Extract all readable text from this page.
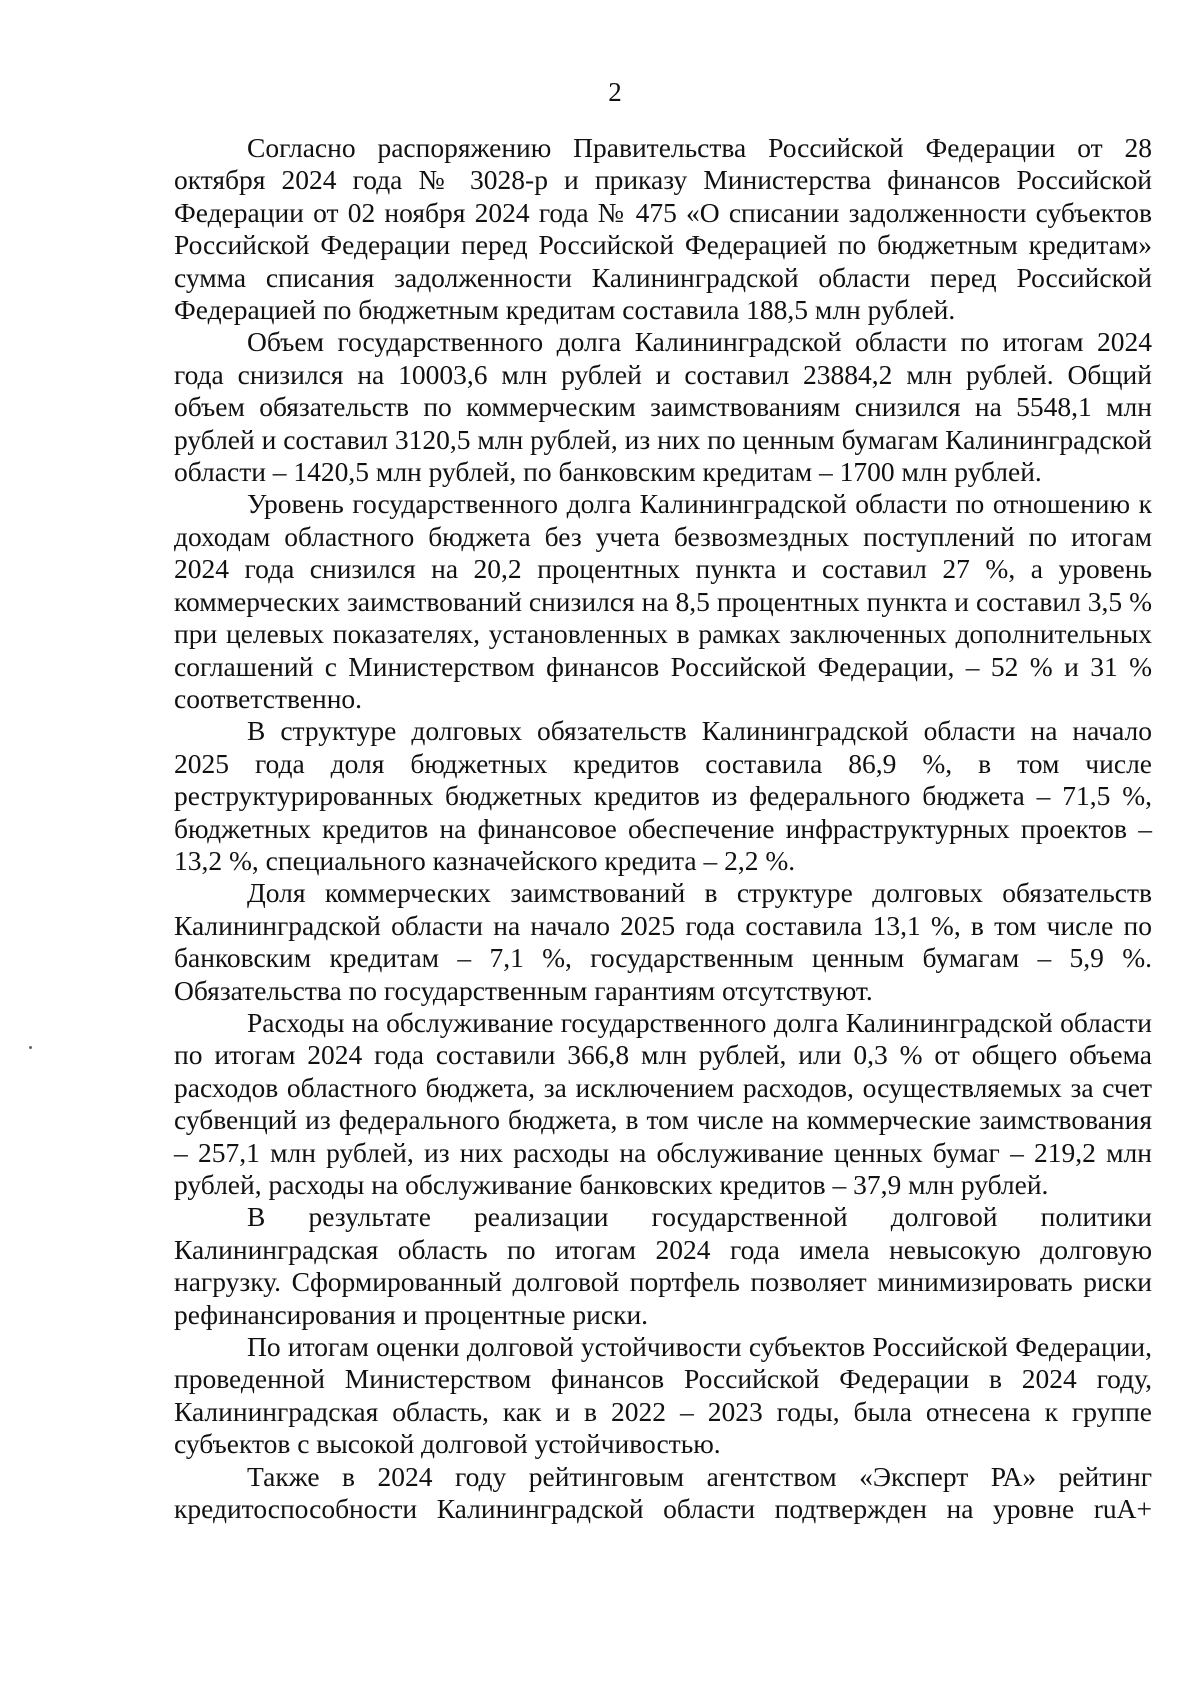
2

Согласно распоряжению Правительства Российской Федерации от 28 октября 2024 года № 3028-р и приказу Министерства финансов Российской Федерации от 02 ноября 2024 года № 475 «О списании задолженности субъектов Российской Федерации перед Российской Федерацией по бюджетным кредитам» сумма списания задолженности Калининградской области перед Российской Федерацией по бюджетным кредитам составила 188,5 млн рублей.

Объем государственного долга Калининградской области по итогам 2024 года снизился на 10003,6 млн рублей и составил 23884,2 млн рублей. Общий объем обязательств по коммерческим заимствованиям снизился на 5548,1 млн рублей и составил 3120,5 млн рублей, из них по ценным бумагам Калининградской области – 1420,5 млн рублей, по банковским кредитам – 1700 млн рублей.

Уровень государственного долга Калининградской области по отношению к доходам областного бюджета без учета безвозмездных поступлений по итогам 2024 года снизился на 20,2 процентных пункта и составил 27 %, а уровень коммерческих заимствований снизился на 8,5 процентных пункта и составил 3,5 % при целевых показателях, установленных в рамках заключенных дополнительных соглашений с Министерством финансов Российской Федерации, – 52 % и 31 % соответственно.

В структуре долговых обязательств Калининградской области на начало 2025 года доля бюджетных кредитов составила 86,9 %, в том числе реструктурированных бюджетных кредитов из федерального бюджета – 71,5 %, бюджетных кредитов на финансовое обеспечение инфраструктурных проектов – 13,2 %, специального казначейского кредита – 2,2 %.

Доля коммерческих заимствований в структуре долговых обязательств Калининградской области на начало 2025 года составила 13,1 %, в том числе по банковским кредитам – 7,1 %, государственным ценным бумагам – 5,9 %. Обязательства по государственным гарантиям отсутствуют.

Расходы на обслуживание государственного долга Калининградской области по итогам 2024 года составили 366,8 млн рублей, или 0,3 % от общего объема расходов областного бюджета, за исключением расходов, осуществляемых за счет субвенций из федерального бюджета, в том числе на коммерческие заимствования – 257,1 млн рублей, из них расходы на обслуживание ценных бумаг – 219,2 млн рублей, расходы на обслуживание банковских кредитов – 37,9 млн рублей.

В результате реализации государственной долговой политики Калининградская область по итогам 2024 года имела невысокую долговую нагрузку. Сформированный долговой портфель позволяет минимизировать риски рефинансирования и процентные риски.

По итогам оценки долговой устойчивости субъектов Российской Федерации, проведенной Министерством финансов Российской Федерации в 2024 году, Калининградская область, как и в 2022 – 2023 годы, была отнесена к группе субъектов с высокой долговой устойчивостью.

Также в 2024 году рейтинговым агентством «Эксперт РА» рейтинг кредитоспособности Калининградской области подтвержден на уровне ruA+
